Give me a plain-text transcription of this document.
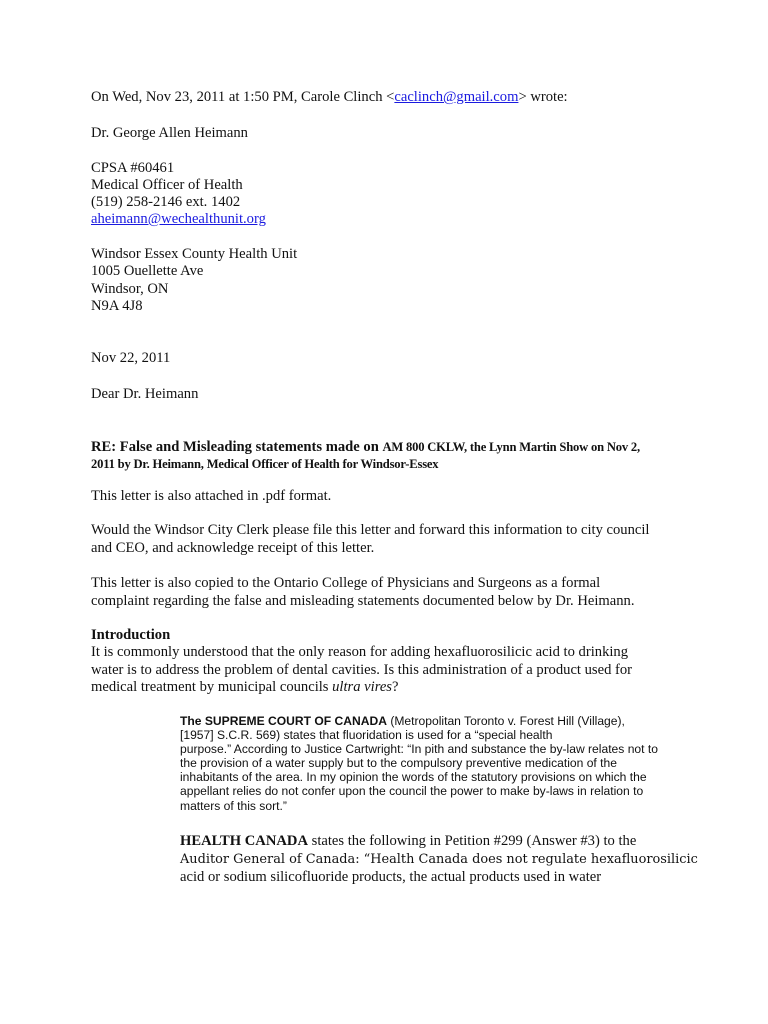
On Wed, Nov 23, 2011 at 1:50 PM, Carole Clinch <caclinch@gmail.com> wrote:

Dr. George Allen Heimann

CPSA #60461

Medical Officer of Health

(519) 258-2146 ext. 1402

aheimann@wechealthunit.org

Windsor Essex County Health Unit

1005 Ouellette Ave

Windsor, ON

N9A 4J8

Nov 22, 2011

Dear Dr. Heimann

RE: False and Misleading statements made on AM 800 CKLW, the Lynn Martin Show on Nov 2,

2011 by Dr. Heimann, Medical Officer of Health for Windsor-Essex

This letter is also attached in .pdf format.

Would the Windsor City Clerk please file this letter and forward this information to city council

and CEO, and acknowledge receipt of this letter.

This letter is also copied to the Ontario College of Physicians and Surgeons as a formal

complaint regarding the false and misleading statements documented below by Dr. Heimann.

Introduction

It is commonly understood that the only reason for adding hexafluorosilicic acid to drinking

water is to address the problem of dental cavities. Is this administration of a product used for

medical treatment by municipal councils ultra vires?

The SUPREME COURT OF CANADA (Metropolitan Toronto v. Forest Hill (Village),
[1957] S.C.R. 569) states that fluoridation is used for a “special health
purpose.” According to Justice Cartwright: “In pith and substance the by-law relates not to
the provision of a water supply but to the compulsory preventive medication of the
inhabitants of the area. In my opinion the words of the statutory provisions on which the
appellant relies do not confer upon the council the power to make by-laws in relation to
matters of this sort.”
HEALTH CANADA states the following in Petition #299 (Answer #3) to the
Auditor General of Canada: “Health Canada does not regulate hexafluorosilicic
acid or sodium silicofluoride products, the actual products used in water
